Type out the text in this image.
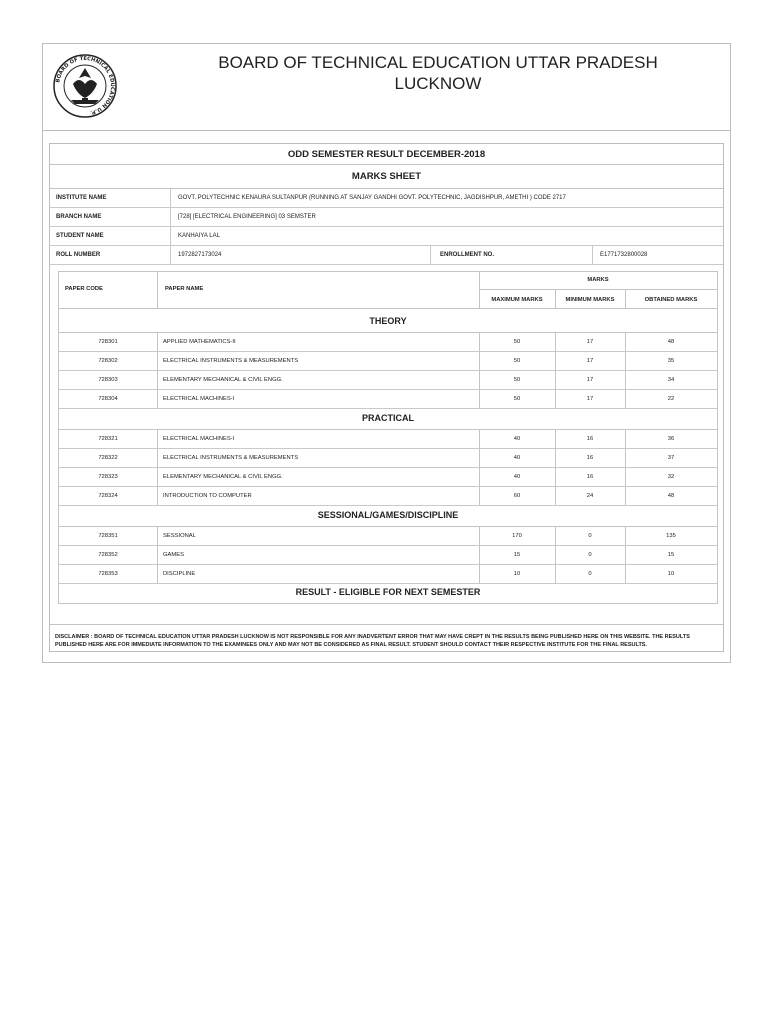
BOARD OF TECHNICAL EDUCATION U.P.
BOARD OF TECHNICAL EDUCATION UTTAR PRADESH
LUCKNOW
ODD SEMESTER RESULT DECEMBER-2018
MARKS SHEET
INSTITUTE NAME	GOVT. POLYTECHNIC KENAURA SULTANPUR (RUNNING AT SANJAY GANDHI GOVT. POLYTECHNIC, JAGDISHPUR, AMETHI ) CODE 2717
BRANCH NAME	[728] [ELECTRICAL ENGINEERING] 03 SEMSTER
STUDENT NAME	KANHAIYA LAL
ROLL NUMBER	1972827173024	ENROLLMENT NO.	E1771732800028
PAPER CODE	PAPER NAME
MARKS
MAXIMUM MARKS	MINIMUM MARKS	OBTAINED MARKS
THEORY
728301	APPLIED MATHEMATICS-II	50	17	48
728302	ELECTRICAL INSTRUMENTS & MEASUREMENTS	50	17	35
728303	ELEMENTARY MECHANICAL & CIVIL ENGG.	50	17	34
728304	ELECTRICAL MACHINES-I	50	17	22
PRACTICAL
728321	ELECTRICAL MACHINES-I	40	16	36
728322	ELECTRICAL INSTRUMENTS & MEASUREMENTS	40	16	37
728323	ELEMENTARY MECHANICAL & CIVIL ENGG.	40	16	32
728324	INTRODUCTION TO COMPUTER	60	24	48
SESSIONAL/GAMES/DISCIPLINE
728351	SESSIONAL	170	0	135
728352	GAMES	15	0	15
728353	DISCIPLINE	10	0	10
RESULT - ELIGIBLE FOR NEXT SEMESTER
DISCLAIMER : BOARD OF TECHNICAL EDUCATION UTTAR PRADESH LUCKNOW IS NOT RESPONSIBLE FOR ANY INADVERTENT ERROR THAT MAY HAVE CREPT IN THE RESULTS BEING PUBLISHED HERE ON THIS WEBSITE. THE RESULTS PUBLISHED HERE ARE FOR IMMEDIATE INFORMATION TO THE EXAMINEES ONLY AND MAY NOT BE CONSIDERED AS FINAL RESULT. STUDENT SHOULD CONTACT THEIR RESPECTIVE INSTITUTE FOR THE FINAL RESULTS.
